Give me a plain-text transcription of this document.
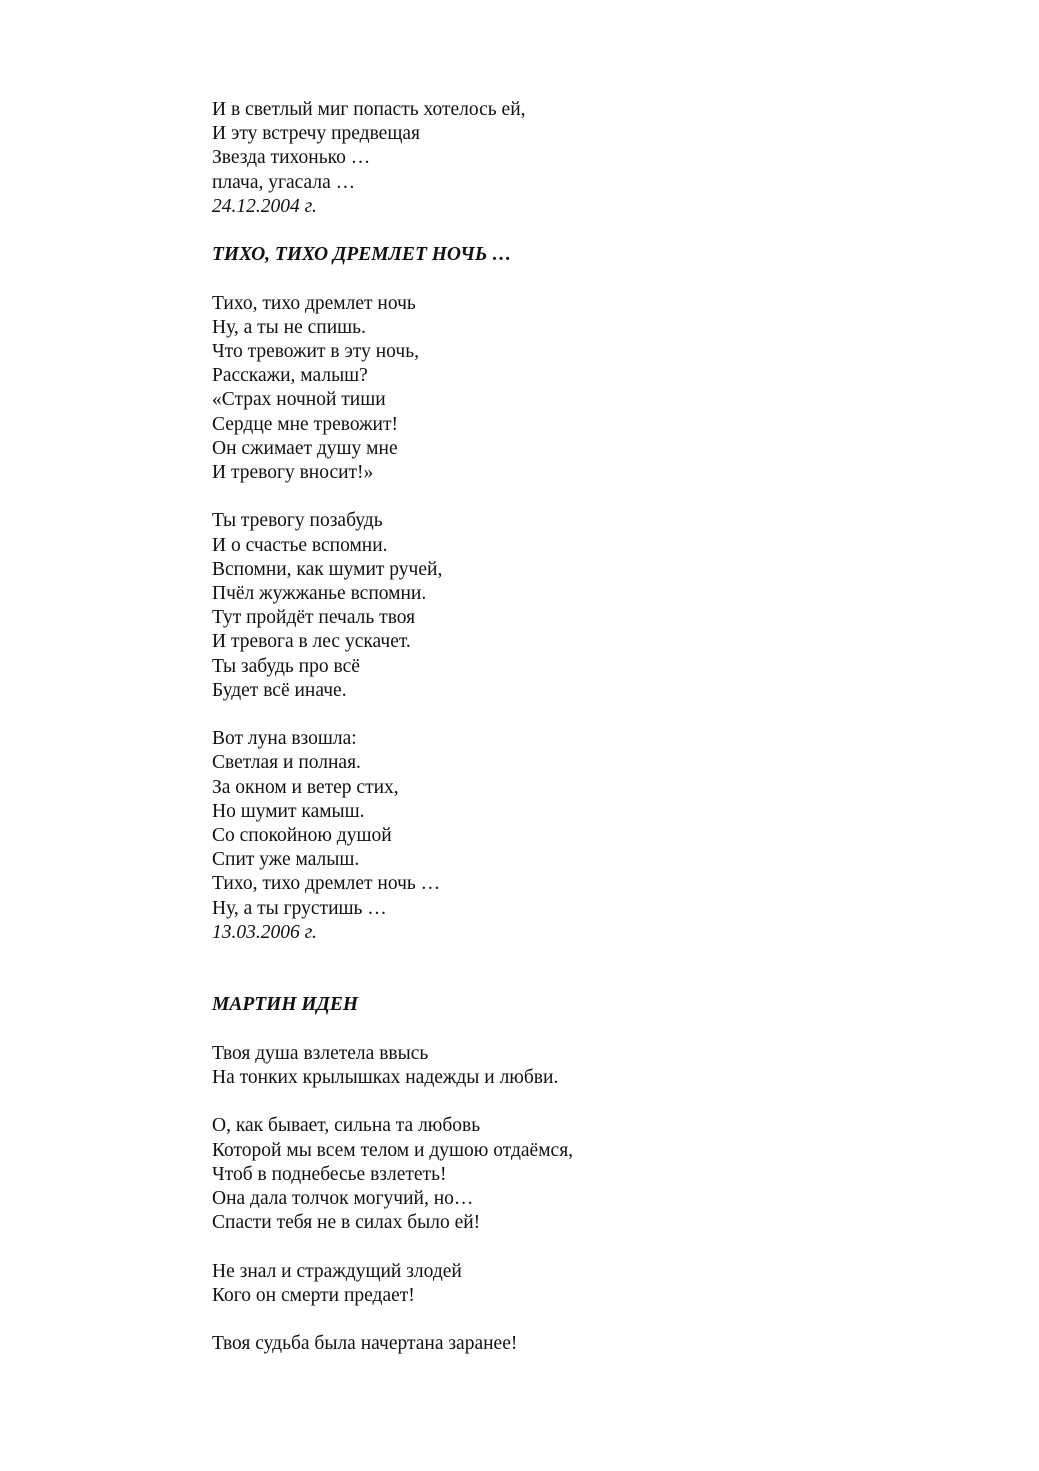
И в светлый миг попасть хотелось ей,

И эту встречу предвещая

Звезда тихонько …

плача, угасала …

24.12.2004 г.

ТИХО, ТИХО ДРЕМЛЕТ НОЧЬ …

Тихо, тихо дремлет ночь

Ну, а ты не спишь.

Что тревожит в эту ночь,

Расскажи, малыш?

«Страх ночной тиши

Сердце мне тревожит!

Он сжимает душу мне

И тревогу вносит!»

Ты тревогу позабудь

И о счастье вспомни.

Вспомни, как шумит ручей,

Пчёл жужжанье вспомни.

Тут пройдёт печаль твоя

И тревога в лес ускачет.

Ты забудь про всё

Будет всё иначе.

Вот луна взошла:

Светлая и полная.

За окном и ветер стих,

Но шумит камыш.

Со спокойною душой

Спит уже малыш.

Тихо, тихо дремлет ночь …

Ну, а ты грустишь …

13.03.2006 г.

МАРТИН ИДЕН

Твоя душа взлетела ввысь

На тонких крылышках надежды и любви.

О, как бывает, сильна та любовь

Которой мы всем телом и душою отдаёмся,

Чтоб в поднебесье взлететь!

Она дала толчок могучий, но…

Спасти тебя не в силах было ей!

Не знал и страждущий злодей

Кого он смерти предает!

Твоя судьба была начертана заранее!
